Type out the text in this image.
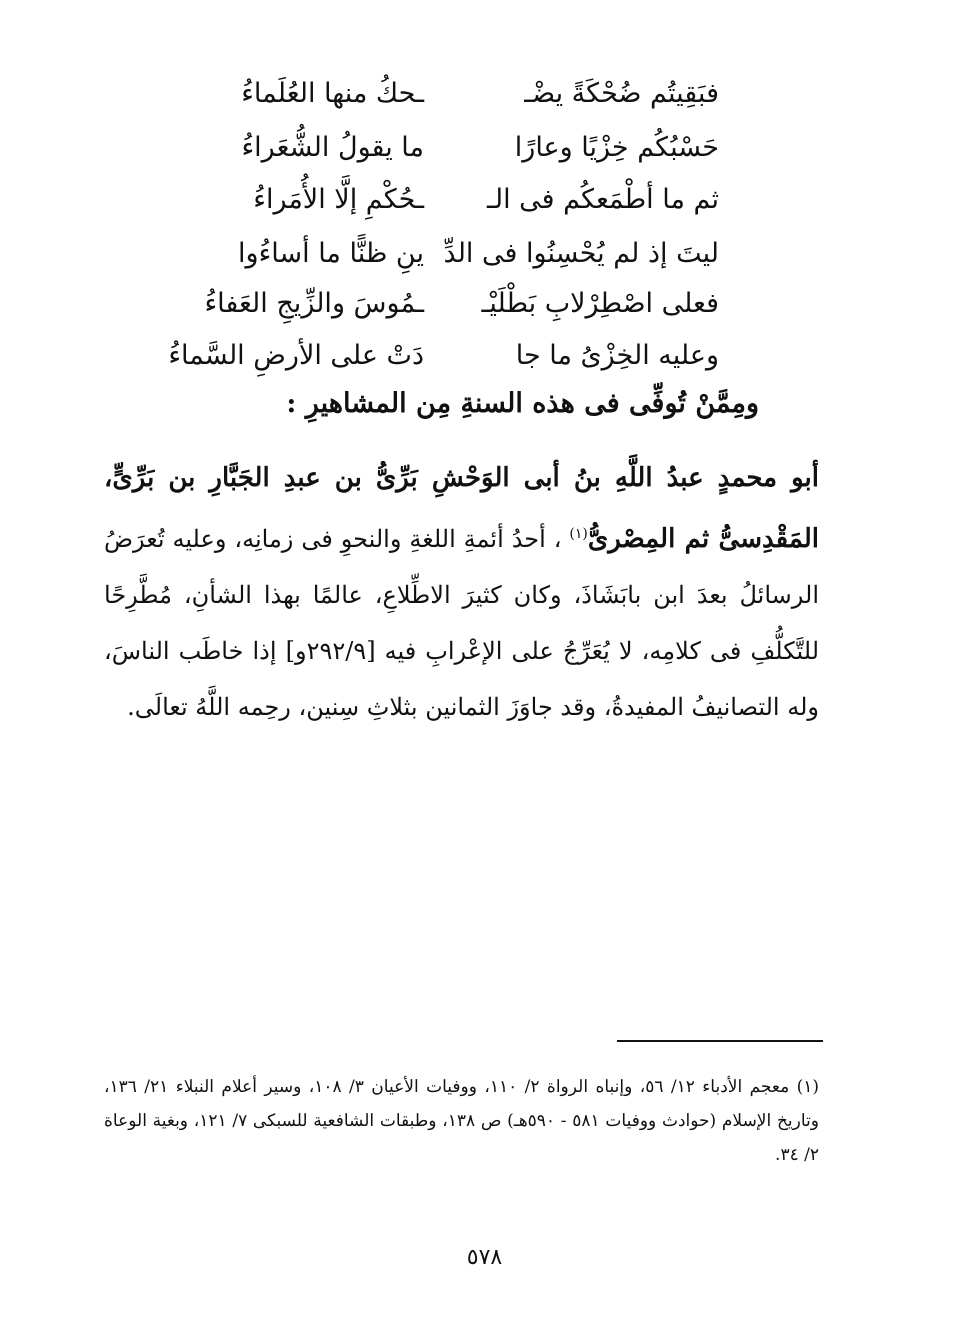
فبَقِيتُم ضُحْكَةً يضْـ
ـحكُ منها العُلَماءُ
حَسْبُكُم خِزْيًا وعارًا
ما يقولُ الشُّعَراءُ
ثم ما أطْمَعكُم فى الـ
ـحُكْمِ إلَّا الأُمَراءُ
ليتَ إذ لم يُحْسِنُوا فى الدِّ
ينِ ظنًّا ما أساءُوا
فعلى اصْطِرْلابِ بَطْلَيْـ
ـمُوسَ والزِّيجِ العَفاءُ
وعليه الخِزْىُ ما جا
دَتْ على الأرضِ السَّماءُ
ومِمَّنْ تُوفِّى فى هذه السنةِ مِن المشاهيرِ :
أبو محمدٍ عبدُ اللَّهِ بنُ أبى الوَحْشِ بَرِّىُّ بن عبدِ الجَبَّارِ بن بَرِّىٍّ، المَقْدِسىُّ ثم المِصْرىُّ$^{(١)}$ ، أحدُ أئمةِ اللغةِ والنحوِ فى زمانِه، وعليه تُعرَضُ الرسائلُ بعدَ ابن بابَشَاذَ، وكان كثيرَ الاطِّلاعِ، عالمًا بهذا الشأنِ، مُطَّرِحًا للتَّكلُّفِ فى كلامِه، لا يُعَرِّجُ على الإعْرابِ فيه [٢٩٢/٩و] إذا خاطَب الناسَ، وله التصانيفُ المفيدةُ، وقد جاوَزَ الثمانين بثلاثِ سِنين، رحِمه اللَّهُ تعالَى.
(١) معجم الأدباء ١٢/ ٥٦، وإنباه الرواة ٢/ ١١٠، ووفيات الأعيان ٣/ ١٠٨، وسير أعلام النبلاء ٢١/ ١٣٦، وتاريخ الإسلام (حوادث ووفيات ٥٨١ - ٥٩٠هـ) ص ١٣٨، وطبقات الشافعية للسبكى ٧/ ١٢١، وبغية الوعاة ٢/ ٣٤.
٥٧٨
